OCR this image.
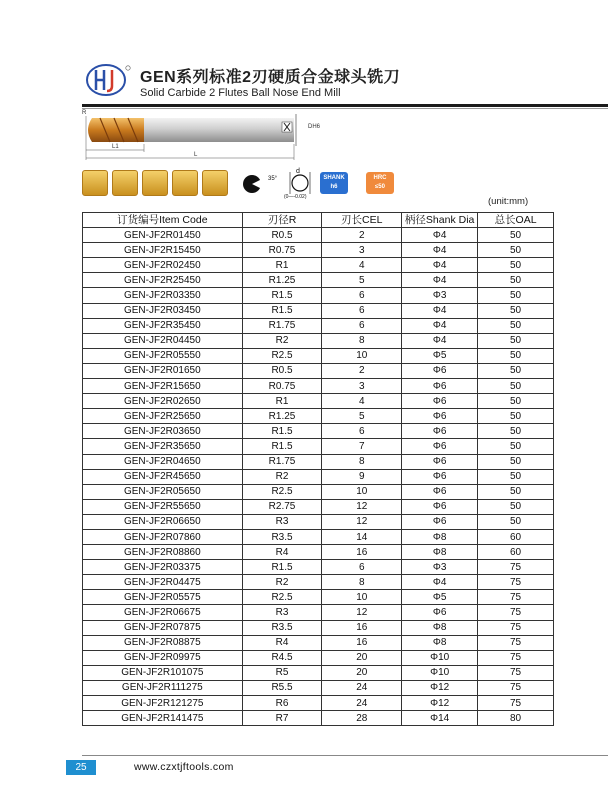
GEN系列标准2刃硬质合金球头铣刀
Solid Carbide 2 Flutes Ball Nose End Mill
R
DH6
L1
L
35°
d
(0—-0.02)
SHANK
h6
HRC
≤50
(unit:mm)
订货编号Item Code	刃径R	刃长CEL	柄径Shank Dia	总长OAL
GEN-JF2R01450	R0.5	2	Φ4	50
GEN-JF2R15450	R0.75	3	Φ4	50
GEN-JF2R02450	R1	4	Φ4	50
GEN-JF2R25450	R1.25	5	Φ4	50
GEN-JF2R03350	R1.5	6	Φ3	50
GEN-JF2R03450	R1.5	6	Φ4	50
GEN-JF2R35450	R1.75	6	Φ4	50
GEN-JF2R04450	R2	8	Φ4	50
GEN-JF2R05550	R2.5	10	Φ5	50
GEN-JF2R01650	R0.5	2	Φ6	50
GEN-JF2R15650	R0.75	3	Φ6	50
GEN-JF2R02650	R1	4	Φ6	50
GEN-JF2R25650	R1.25	5	Φ6	50
GEN-JF2R03650	R1.5	6	Φ6	50
GEN-JF2R35650	R1.5	7	Φ6	50
GEN-JF2R04650	R1.75	8	Φ6	50
GEN-JF2R45650	R2	9	Φ6	50
GEN-JF2R05650	R2.5	10	Φ6	50
GEN-JF2R55650	R2.75	12	Φ6	50
GEN-JF2R06650	R3	12	Φ6	50
GEN-JF2R07860	R3.5	14	Φ8	60
GEN-JF2R08860	R4	16	Φ8	60
GEN-JF2R03375	R1.5	6	Φ3	75
GEN-JF2R04475	R2	8	Φ4	75
GEN-JF2R05575	R2.5	10	Φ5	75
GEN-JF2R06675	R3	12	Φ6	75
GEN-JF2R07875	R3.5	16	Φ8	75
GEN-JF2R08875	R4	16	Φ8	75
GEN-JF2R09975	R4.5	20	Φ10	75
GEN-JF2R101075	R5	20	Φ10	75
GEN-JF2R111275	R5.5	24	Φ12	75
GEN-JF2R121275	R6	24	Φ12	75
GEN-JF2R141475	R7	28	Φ14	80
25	www.czxtjftools.com
